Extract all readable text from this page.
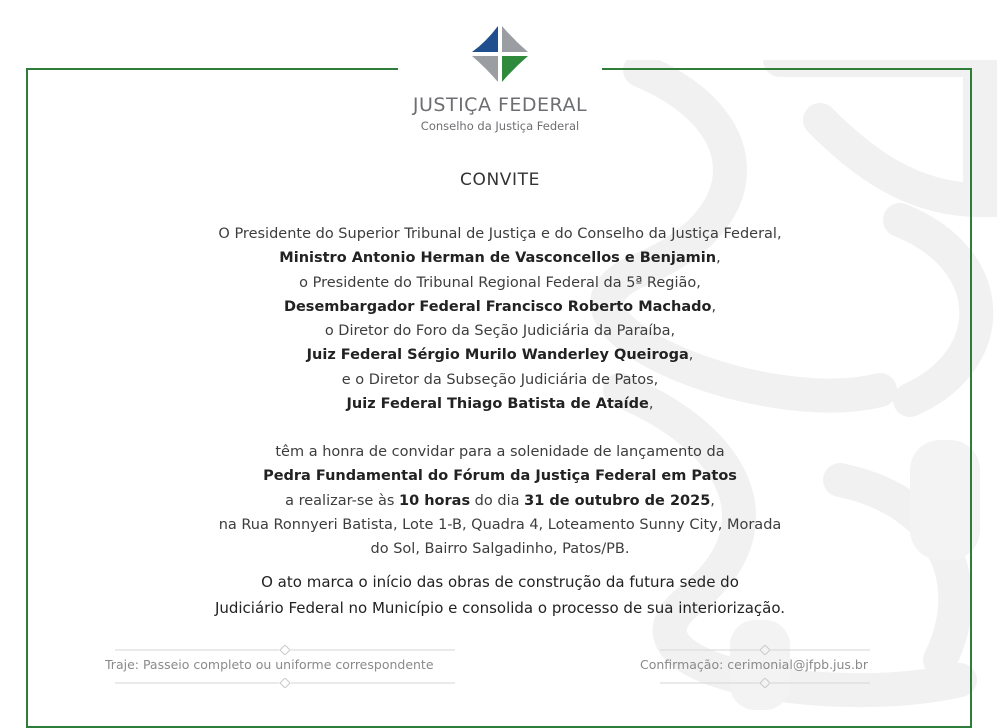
JUSTIÇA FEDERAL
Conselho da Justiça Federal
CONVITE
O Presidente do Superior Tribunal de Justiça e do Conselho da Justiça Federal,
Ministro Antonio Herman de Vasconcellos e Benjamin,
o Presidente do Tribunal Regional Federal da 5ª Região,
Desembargador Federal Francisco Roberto Machado,
o Diretor do Foro da Seção Judiciária da Paraíba,
Juiz Federal Sérgio Murilo Wanderley Queiroga,
e o Diretor da Subseção Judiciária de Patos,
Juiz Federal Thiago Batista de Ataíde,
têm a honra de convidar para a solenidade de lançamento da
Pedra Fundamental do Fórum da Justiça Federal em Patos
a realizar-se às 10 horas do dia 31 de outubro de 2025,
na Rua Ronnyeri Batista, Lote 1-B, Quadra 4, Loteamento Sunny City, Morada
do Sol, Bairro Salgadinho, Patos/PB.
O ato marca o início das obras de construção da futura sede do
Judiciário Federal no Município e consolida o processo de sua interiorização.
Traje: Passeio completo ou uniforme correspondente	Confirmação: cerimonial@jfpb.jus.br
